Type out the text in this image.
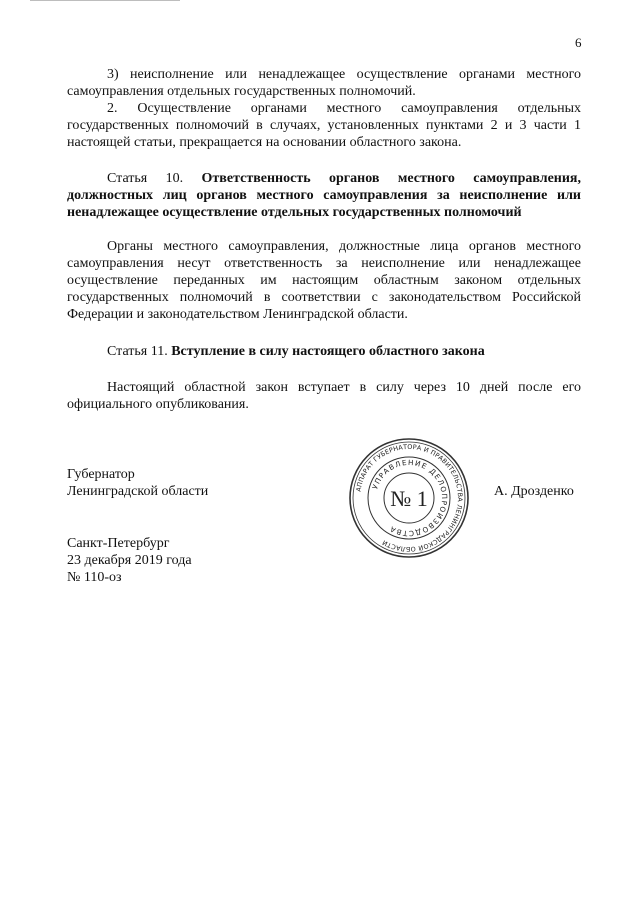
6

3) неисполнение или ненадлежащее осуществление органами местного самоуправления отдельных государственных полномочий.

2. Осуществление органами местного самоуправления отдельных государственных полномочий в случаях, установленных пунктами 2 и 3 части 1 настоящей статьи, прекращается на основании областного закона.

Статья 10. Ответственность органов местного самоуправления, должностных лиц органов местного самоуправления за неисполнение или ненадлежащее осуществление отдельных государственных полномочий

Органы местного самоуправления, должностные лица органов местного самоуправления несут ответственность за неисполнение или ненадлежащее осуществление переданных им настоящим областным законом отдельных государственных полномочий в соответствии с законодательством Российской Федерации и законодательством Ленинградской области.

Статья 11. Вступление в силу настоящего областного закона

Настоящий областной закон вступает в силу через 10 дней после его официального опубликования.

Губернатор
Ленинградской области	А. Дрозденко
АППАРАТ ГУБЕРНАТОРА И ПРАВИТЕЛЬСТВА ЛЕНИНГРАДСКОЙ ОБЛАСТИ
УПРАВЛЕНИЕ ДЕЛОПРОИЗВОДСТВА
№ 1
Санкт-Петербург
23 декабря 2019 года
№ 110-оз
